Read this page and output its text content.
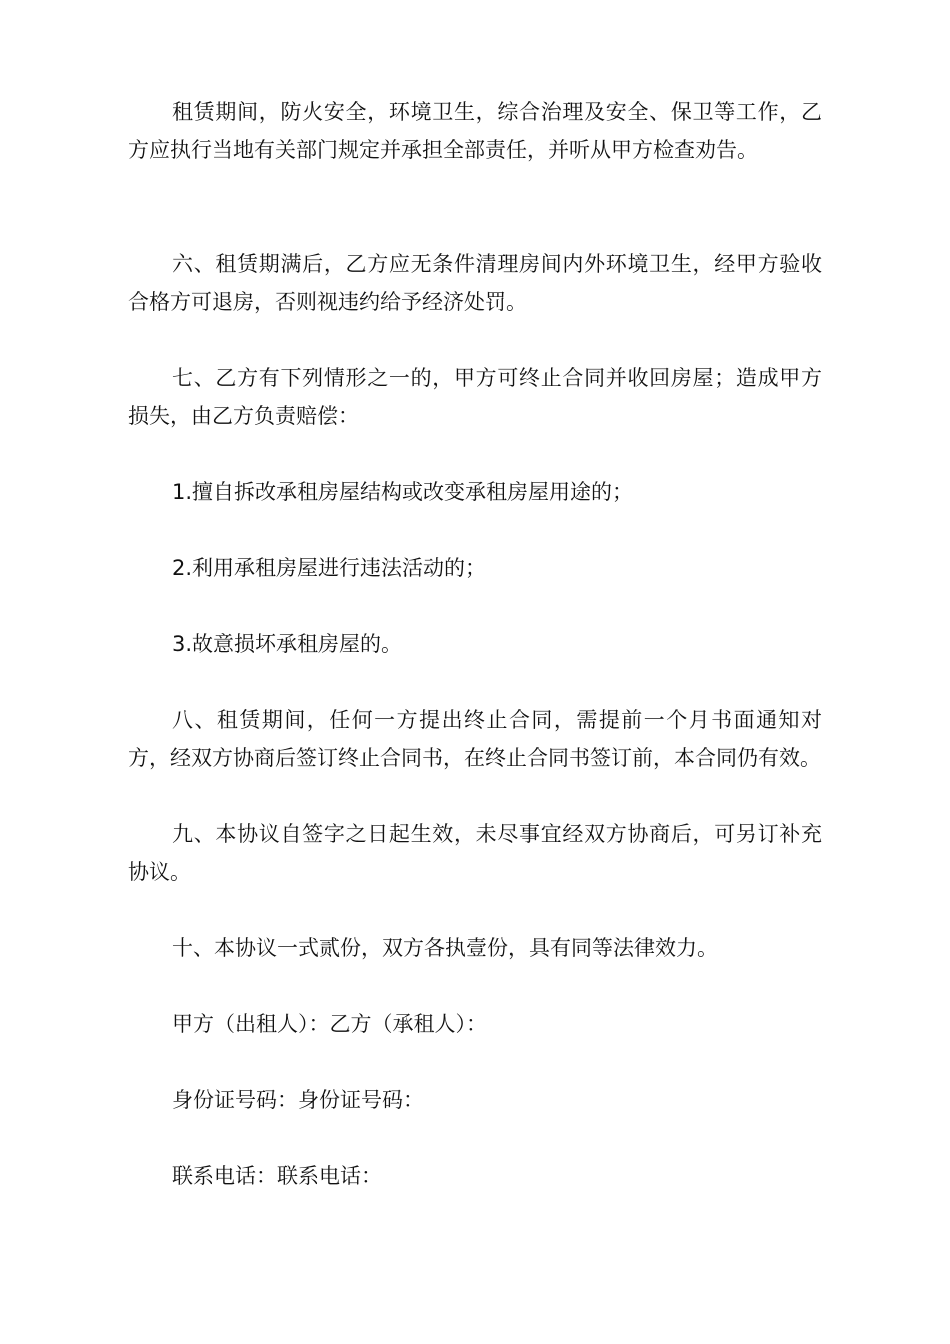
租赁期间，防火安全，环境卫生，综合治理及安全、保卫等工作，乙方应执行当地有关部门规定并承担全部责任，并听从甲方检查劝告。

六、租赁期满后，乙方应无条件清理房间内外环境卫生，经甲方验收合格方可退房，否则视违约给予经济处罚。

七、乙方有下列情形之一的，甲方可终止合同并收回房屋；造成甲方损失，由乙方负责赔偿：

1.擅自拆改承租房屋结构或改变承租房屋用途的；

2.利用承租房屋进行违法活动的；

3.故意损坏承租房屋的。

八、租赁期间，任何一方提出终止合同，需提前一个月书面通知对方，经双方协商后签订终止合同书，在终止合同书签订前，本合同仍有效。

九、本协议自签字之日起生效，未尽事宜经双方协商后，可另订补充协议。

十、本协议一式贰份，双方各执壹份，具有同等法律效力。

甲方（出租人）：乙方（承租人）：

身份证号码：身份证号码：

联系电话：联系电话：
